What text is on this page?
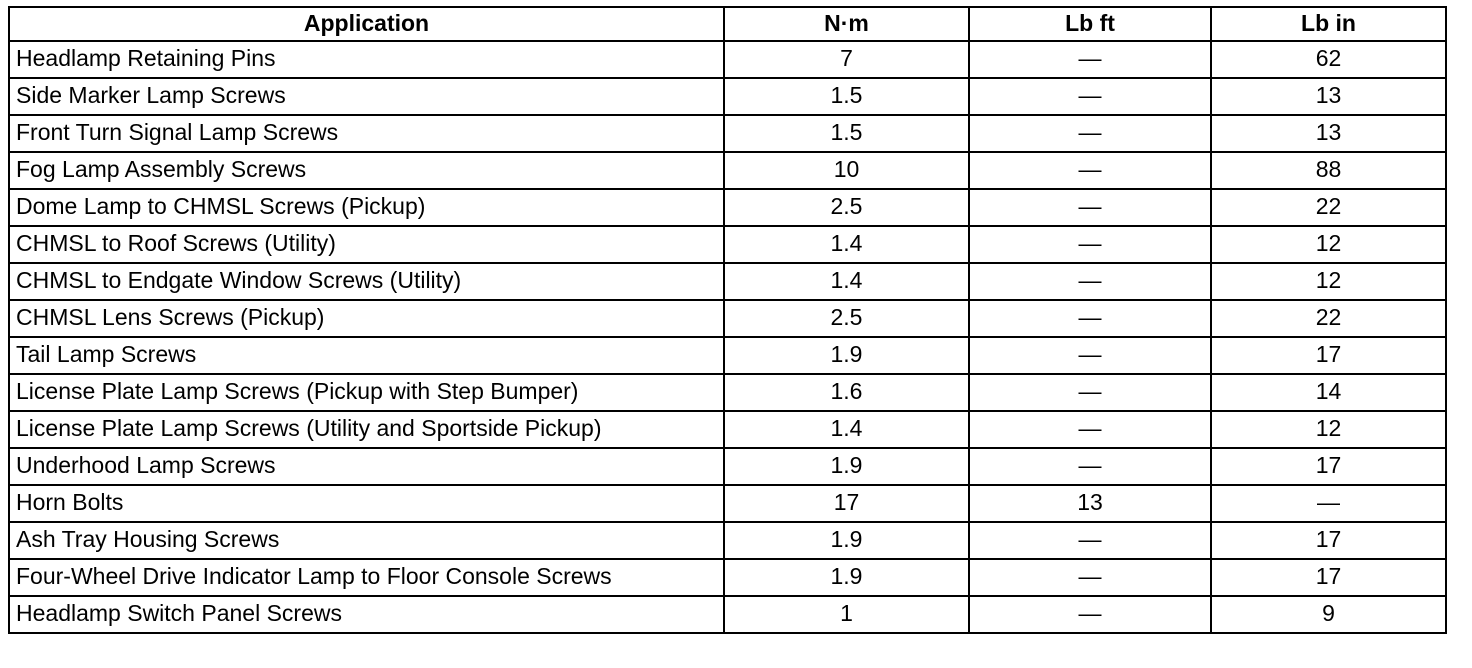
Application	N·m	Lb ft	Lb in

Headlamp Retaining Pins	7	—	62

Side Marker Lamp Screws	1.5	—	13

Front Turn Signal Lamp Screws	1.5	—	13

Fog Lamp Assembly Screws	10	—	88

Dome Lamp to CHMSL Screws (Pickup)	2.5	—	22

CHMSL to Roof Screws (Utility)	1.4	—	12

CHMSL to Endgate Window Screws (Utility)	1.4	—	12

CHMSL Lens Screws (Pickup)	2.5	—	22

Tail Lamp Screws	1.9	—	17

License Plate Lamp Screws (Pickup with Step Bumper)	1.6	—	14

License Plate Lamp Screws (Utility and Sportside Pickup)	1.4	—	12

Underhood Lamp Screws	1.9	—	17

Horn Bolts	17	13	—

Ash Tray Housing Screws	1.9	—	17

Four-Wheel Drive Indicator Lamp to Floor Console Screws	1.9	—	17

Headlamp Switch Panel Screws	1	—	9
